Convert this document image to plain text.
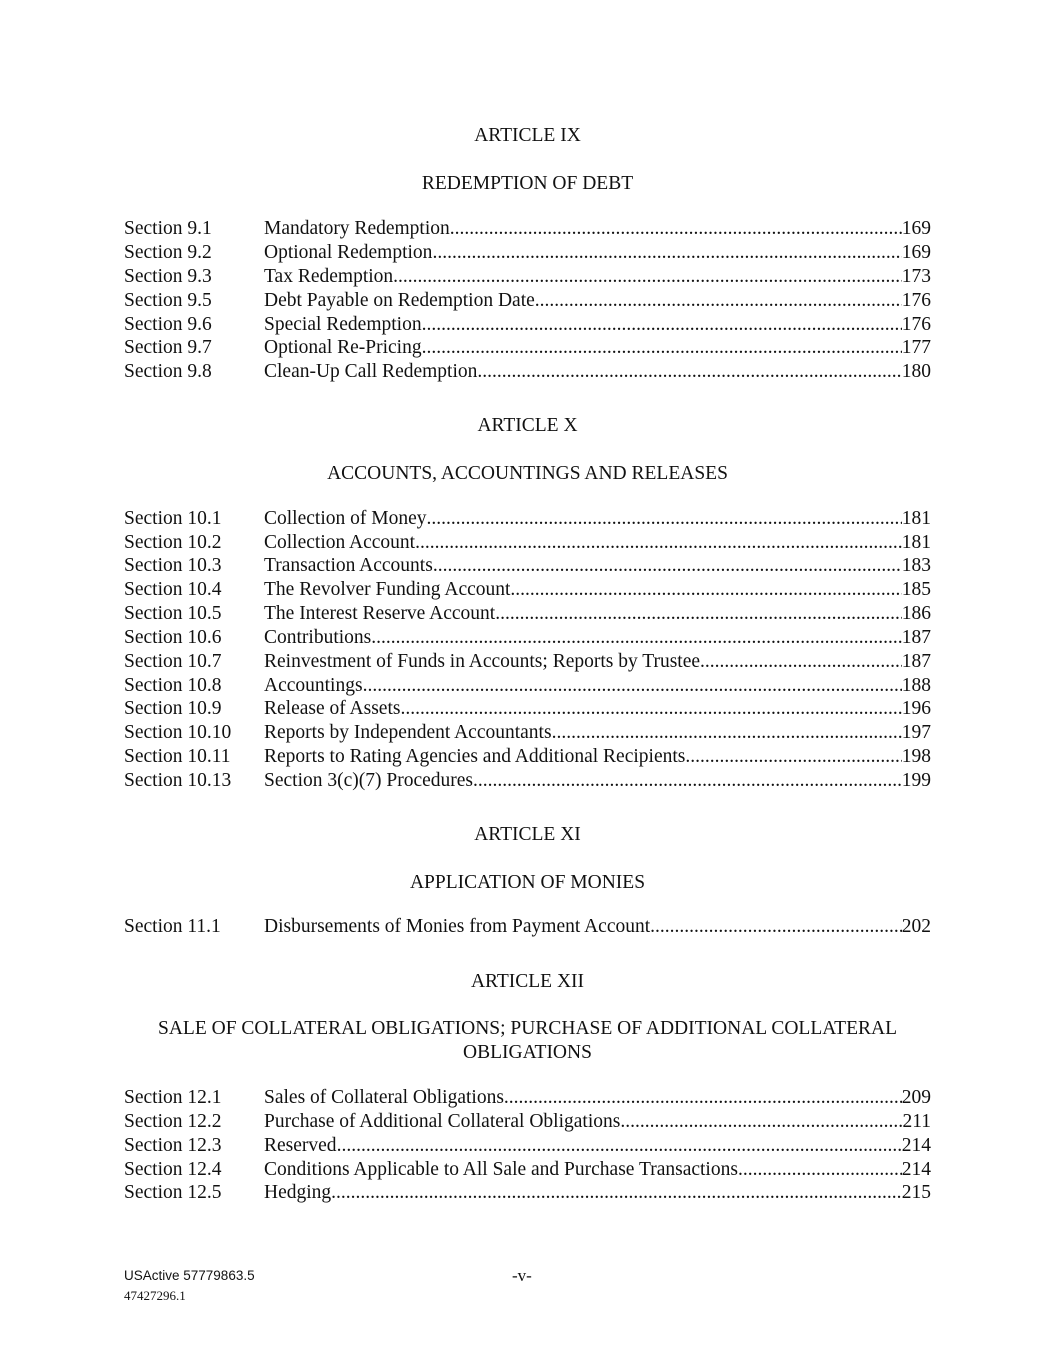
ARTICLE IX
REDEMPTION OF DEBT
Section 9.1	Mandatory Redemption .....	169
Section 9.2	Optional Redemption .....	169
Section 9.3	Tax Redemption .....	173
Section 9.5	Debt Payable on Redemption Date .....	176
Section 9.6	Special Redemption .....	176
Section 9.7	Optional Re-Pricing .....	177
Section 9.8	Clean-Up Call Redemption .....	180
ARTICLE X
ACCOUNTS, ACCOUNTINGS AND RELEASES
Section 10.1	Collection of Money .....	181
Section 10.2	Collection Account .....	181
Section 10.3	Transaction Accounts .....	183
Section 10.4	The Revolver Funding Account .....	185
Section 10.5	The Interest Reserve Account .....	186
Section 10.6	Contributions .....	187
Section 10.7	Reinvestment of Funds in Accounts; Reports by Trustee .....	187
Section 10.8	Accountings .....	188
Section 10.9	Release of Assets .....	196
Section 10.10	Reports by Independent Accountants .....	197
Section 10.11	Reports to Rating Agencies and Additional Recipients .....	198
Section 10.13	Section 3(c)(7) Procedures .....	199
ARTICLE XI
APPLICATION OF MONIES
Section 11.1	Disbursements of Monies from Payment Account .....	202
ARTICLE XII
SALE OF COLLATERAL OBLIGATIONS; PURCHASE OF ADDITIONAL COLLATERAL
OBLIGATIONS
Section 12.1	Sales of Collateral Obligations .....	209
Section 12.2	Purchase of Additional Collateral Obligations .....	211
Section 12.3	Reserved .....	214
Section 12.4	Conditions Applicable to All Sale and Purchase Transactions .....	214
Section 12.5	Hedging .....	215
USActive 57779863.5	-v-
47427296.1
